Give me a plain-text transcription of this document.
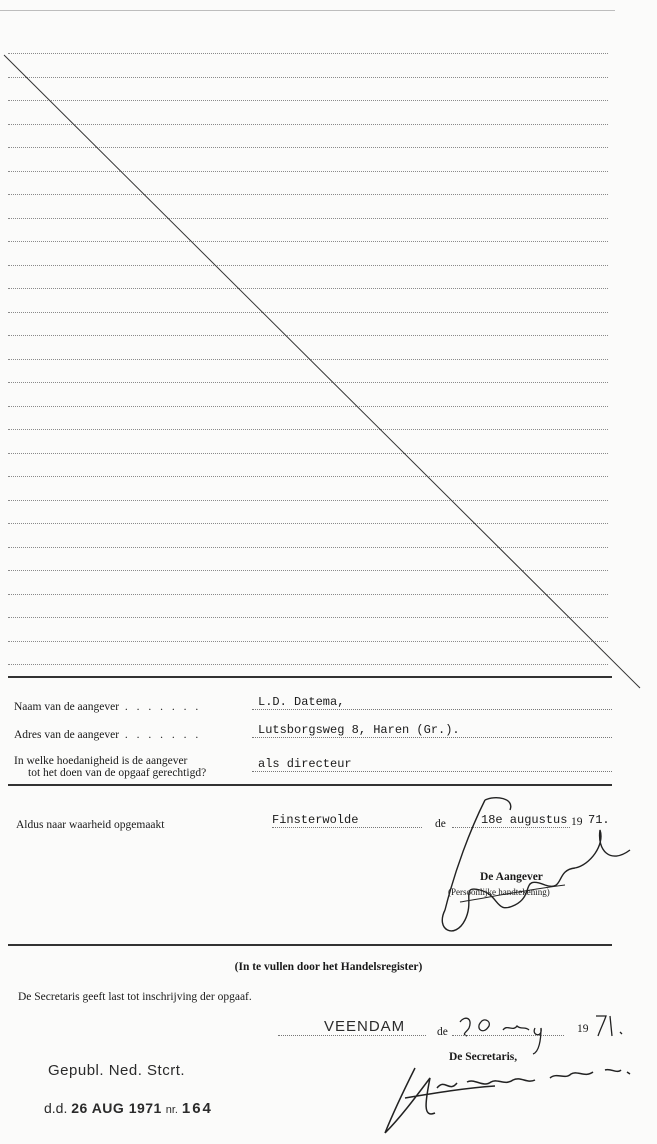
Naam van de aangever . . . . . . .	L.D. Datema,
Adres van de aangever . . . . . . .	Lutsborgsweg 8, Haren (Gr.).
In welke hoedanigheid is de aangever
tot het doen van de opgaaf gerechtigd?
als directeur
Aldus naar waarheid opgemaakt	Finsterwolde	de	18e augustus 19 71.
De Aangever
(Persoonlijke handtekening)
(In te vullen door het Handelsregister)
De Secretaris geeft last tot inschrijving der opgaaf.
VEENDAM	de	19
De Secretaris,
Gepubl. Ned. Stcrt.
d.d. 26 AUG 1971 nr. 164
